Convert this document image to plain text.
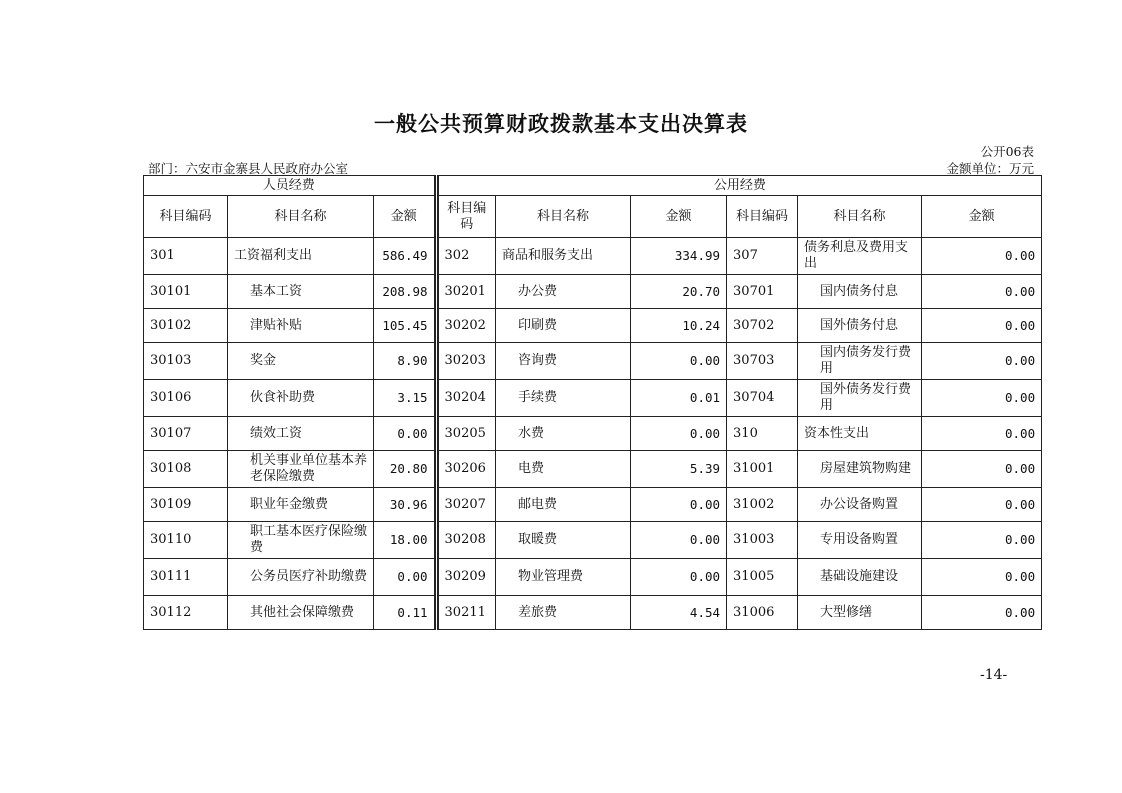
一般公共预算财政拨款基本支出决算表
公开06表
部门：六安市金寨县人民政府办公室	金额单位：万元
人员经费				公用经费					
科目编码	科目名称	金额		科目编码	科目名称	金额	科目编码	科目名称	金额
301	工资福利支出	586.49		302	商品和服务支出	334.99	307	债务利息及费用支出	0.00
30101	基本工资	208.98		30201	办公费	20.70	30701	国内债务付息	0.00
30102	津贴补贴	105.45		30202	印刷费	10.24	30702	国外债务付息	0.00
30103	奖金	8.90		30203	咨询费	0.00	30703	国内债务发行费用	0.00
30106	伙食补助费	3.15		30204	手续费	0.01	30704	国外债务发行费用	0.00
30107	绩效工资	0.00		30205	水费	0.00	310	资本性支出	0.00
30108	机关事业单位基本养老保险缴费	20.80		30206	电费	5.39	31001	房屋建筑物购建	0.00
30109	职业年金缴费	30.96		30207	邮电费	0.00	31002	办公设备购置	0.00
30110	职工基本医疗保险缴费	18.00		30208	取暖费	0.00	31003	专用设备购置	0.00
30111	公务员医疗补助缴费	0.00		30209	物业管理费	0.00	31005	基础设施建设	0.00
30112	其他社会保障缴费	0.11		30211	差旅费	4.54	31006	大型修缮	0.00
-14-
